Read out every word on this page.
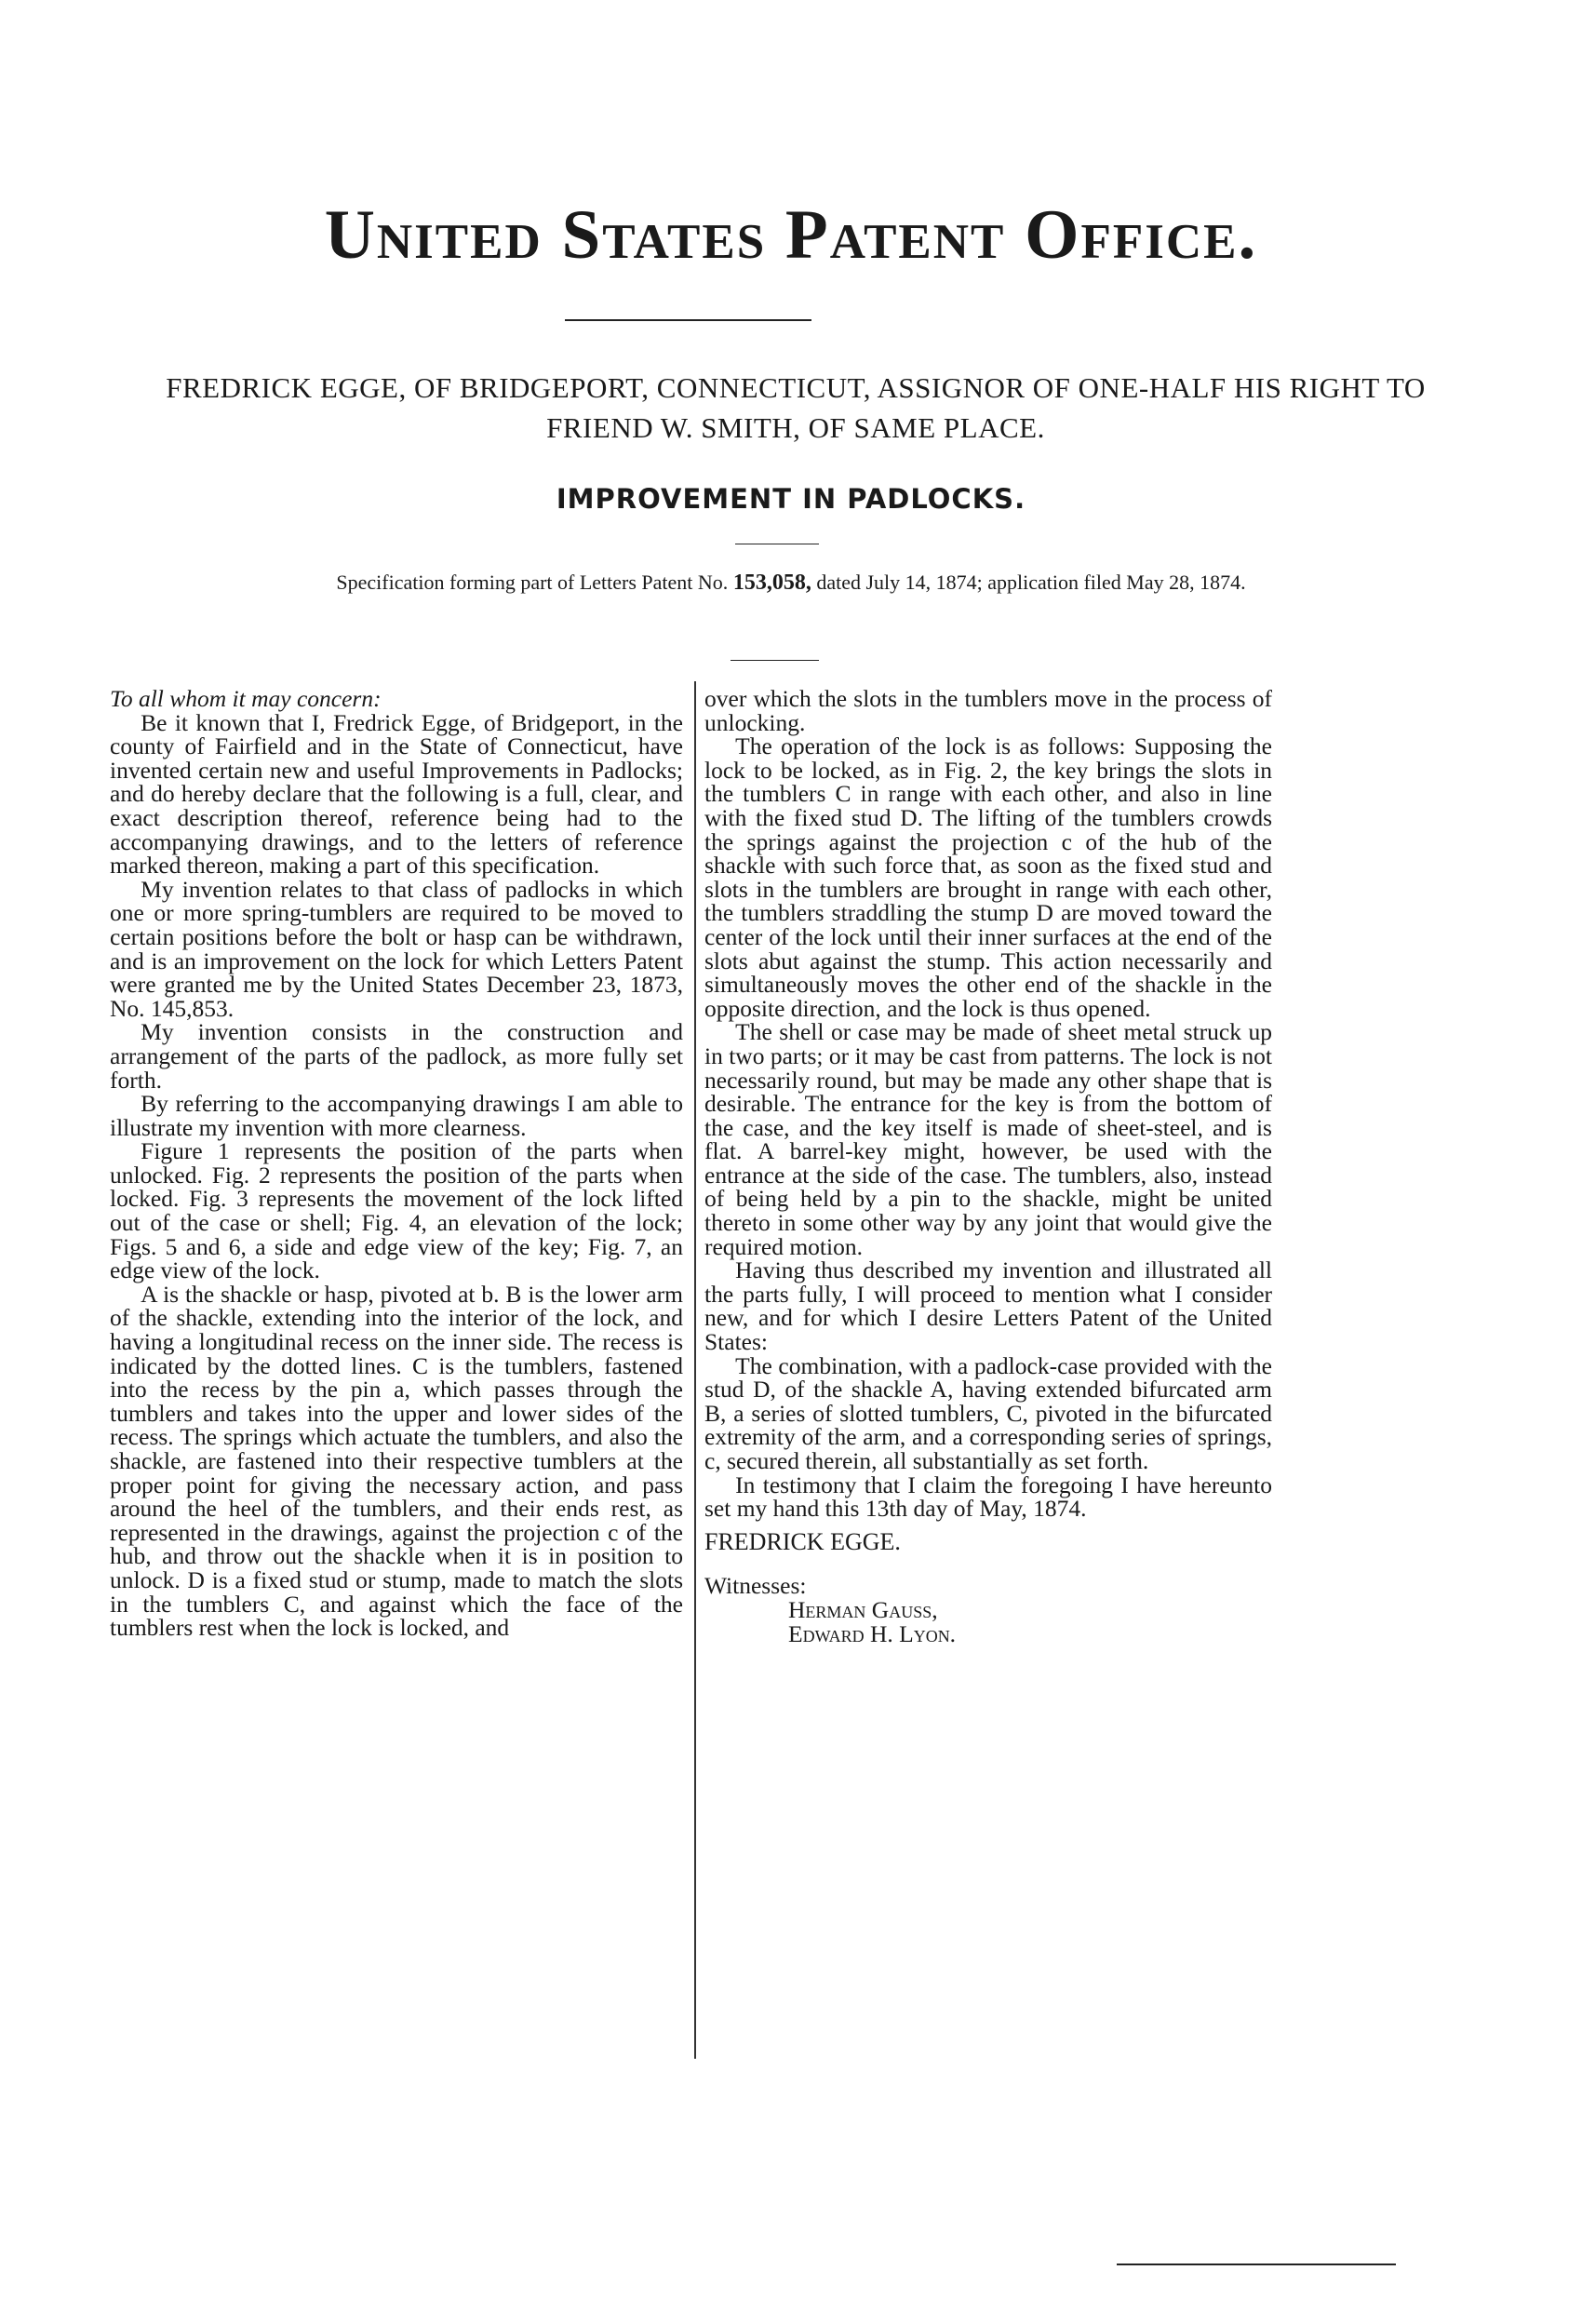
United States Patent Office.
FREDRICK EGGE, OF BRIDGEPORT, CONNECTICUT, ASSIGNOR OF ONE-HALF HIS RIGHT TO FRIEND W. SMITH, OF SAME PLACE.
IMPROVEMENT IN PADLOCKS.
Specification forming part of Letters Patent No. 153,058, dated July 14, 1874; application filed May 28, 1874.

To all whom it may concern:

Be it known that I, Fredrick Egge, of Bridgeport, in the county of Fairfield and in the State of Connecticut, have invented certain new and useful Improvements in Padlocks; and do hereby declare that the following is a full, clear, and exact description thereof, reference being had to the accompanying drawings, and to the letters of reference marked thereon, making a part of this specification.

My invention relates to that class of padlocks in which one or more spring-tumblers are required to be moved to certain positions before the bolt or hasp can be withdrawn, and is an improvement on the lock for which Letters Patent were granted me by the United States December 23, 1873, No. 145,853.

My invention consists in the construction and arrangement of the parts of the padlock, as more fully set forth.

By referring to the accompanying drawings I am able to illustrate my invention with more clearness.

Figure 1 represents the position of the parts when unlocked. Fig. 2 represents the position of the parts when locked. Fig. 3 represents the movement of the lock lifted out of the case or shell; Fig. 4, an elevation of the lock; Figs. 5 and 6, a side and edge view of the key; Fig. 7, an edge view of the lock.

A is the shackle or hasp, pivoted at b. B is the lower arm of the shackle, extending into the interior of the lock, and having a longitudinal recess on the inner side. The recess is indicated by the dotted lines. C is the tumblers, fastened into the recess by the pin a, which passes through the tumblers and takes into the upper and lower sides of the recess. The springs which actuate the tumblers, and also the shackle, are fastened into their respective tumblers at the proper point for giving the necessary action, and pass around the heel of the tumblers, and their ends rest, as represented in the drawings, against the projection c of the hub, and throw out the shackle when it is in position to unlock. D is a fixed stud or stump, made to match the slots in the tumblers C, and against which the face of the tumblers rest when the lock is locked, and

over which the slots in the tumblers move in the process of unlocking.

The operation of the lock is as follows: Supposing the lock to be locked, as in Fig. 2, the key brings the slots in the tumblers C in range with each other, and also in line with the fixed stud D. The lifting of the tumblers crowds the springs against the projection c of the hub of the shackle with such force that, as soon as the fixed stud and slots in the tumblers are brought in range with each other, the tumblers straddling the stump D are moved toward the center of the lock until their inner surfaces at the end of the slots abut against the stump. This action necessarily and simultaneously moves the other end of the shackle in the opposite direction, and the lock is thus opened.

The shell or case may be made of sheet metal struck up in two parts; or it may be cast from patterns. The lock is not necessarily round, but may be made any other shape that is desirable. The entrance for the key is from the bottom of the case, and the key itself is made of sheet-steel, and is flat. A barrel-key might, however, be used with the entrance at the side of the case. The tumblers, also, instead of being held by a pin to the shackle, might be united thereto in some other way by any joint that would give the required motion.

Having thus described my invention and illustrated all the parts fully, I will proceed to mention what I consider new, and for which I desire Letters Patent of the United States:

The combination, with a padlock-case provided with the stud D, of the shackle A, having extended bifurcated arm B, a series of slotted tumblers, C, pivoted in the bifurcated extremity of the arm, and a corresponding series of springs, c, secured therein, all substantially as set forth.

In testimony that I claim the foregoing I have hereunto set my hand this 13th day of May, 1874.

FREDRICK EGGE.

Witnesses:

Herman Gauss,

Edward H. Lyon.
